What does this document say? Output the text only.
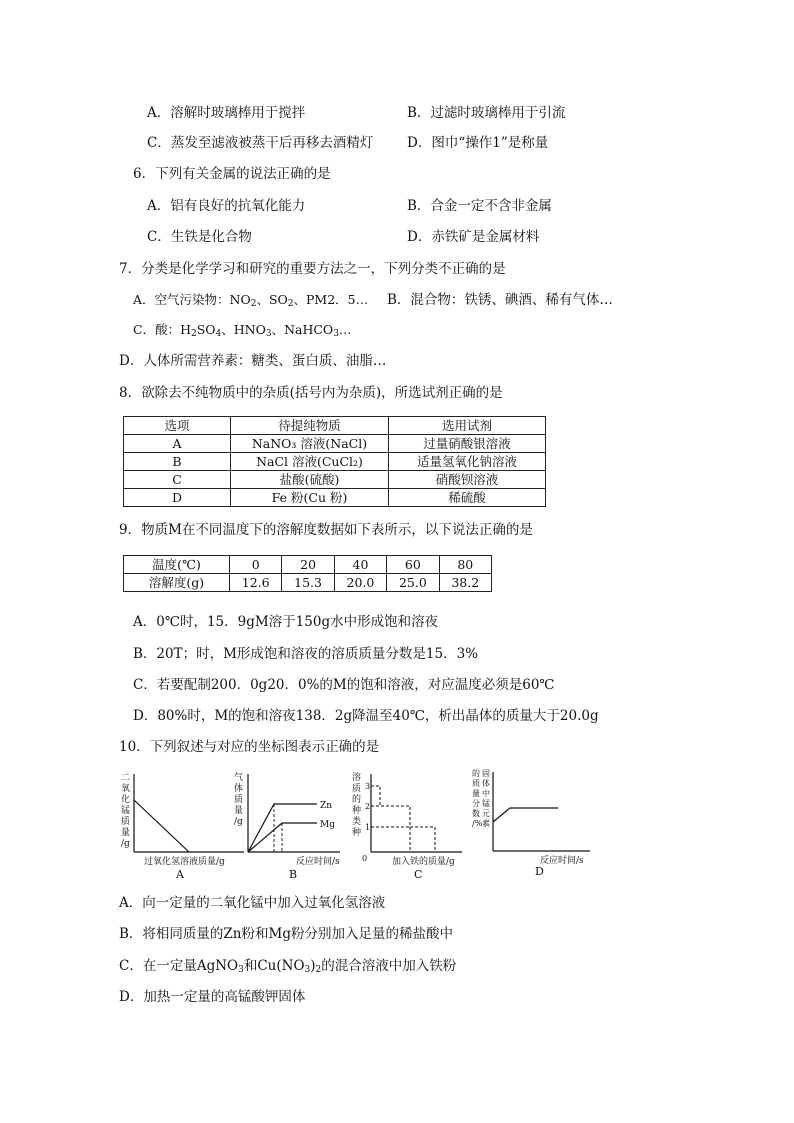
A．溶解时玻璃棒用于搅拌	B．过滤时玻璃棒用于引流
C．蒸发至滤液被蒸干后再移去酒精灯 D．图巾“操作1”是称量
6．下列有关金属的说法正确的是
A．铝有良好的抗氧化能力	B．合金一定不含非金属
C．生铁是化合物	D．赤铁矿是金属材料
7．分类是化学学习和研究的重要方法之一，下列分类不正确的是
A．空气污染物：$NO_2$、$SO_2$、PM2．5… B．混合物：铁锈、碘酒、稀有气体…
C．酸：$H_2SO_4$、$HNO_3$、NaHCO$_3$…
D．人体所需营养素：糖类、蛋白质、油脂…
8．欲除去不纯物质中的杂质(括号内为杂质)，所选试剂正确的是
选项	待提纯物质	选用试剂
A	NaNO₃ 溶液(NaCl)	过量硝酸银溶液
B	NaCl 溶液(CuCl₂)	适量氢氧化钠溶液
C	盐酸(硫酸)	硝酸钡溶液
D	Fe 粉(Cu 粉)	稀硫酸
9．物质M在不同温度下的溶解度数据如下表所示，以下说法正确的是
温度(℃)	0	20	40	60	80
溶解度(g)	12.6	15.3	20.0	25.0	38.2
A．0℃时，15．9gM溶于150g水中形成饱和溶夜
B．20T；时，M形成饱和溶夜的溶质质量分数是15．3%
C．若要配制200．0g20．0%的M的饱和溶液，对应温度必须是60℃
D．80%时，M的饱和溶夜138．2g降温至40℃，析出晶体的质量大于20.0g
10．下列叙述与对应的坐标图表示正确的是
二
氧
化
锰
质
量
/g
过氧化氢溶液质量/g
A
气
体
质
量
/g
Zn
Mg
反应时间/s
B
溶
质
的
种
类
种
3
2
1
0	加入铁的质量/g
C
的 固
质 体
量 中
分 锰
数 元
/% 素
反应时间/s
D
A．向一定量的二氧化锰中加入过氧化氢溶液
B．将相同质量的Zn粉和Mg粉分别加入足量的稀盐酸中
C．在一定量AgNO$_3$和$Cu(NO_3)_2$的混合溶液中加入铁粉
D．加热一定量的高锰酸钾固体
